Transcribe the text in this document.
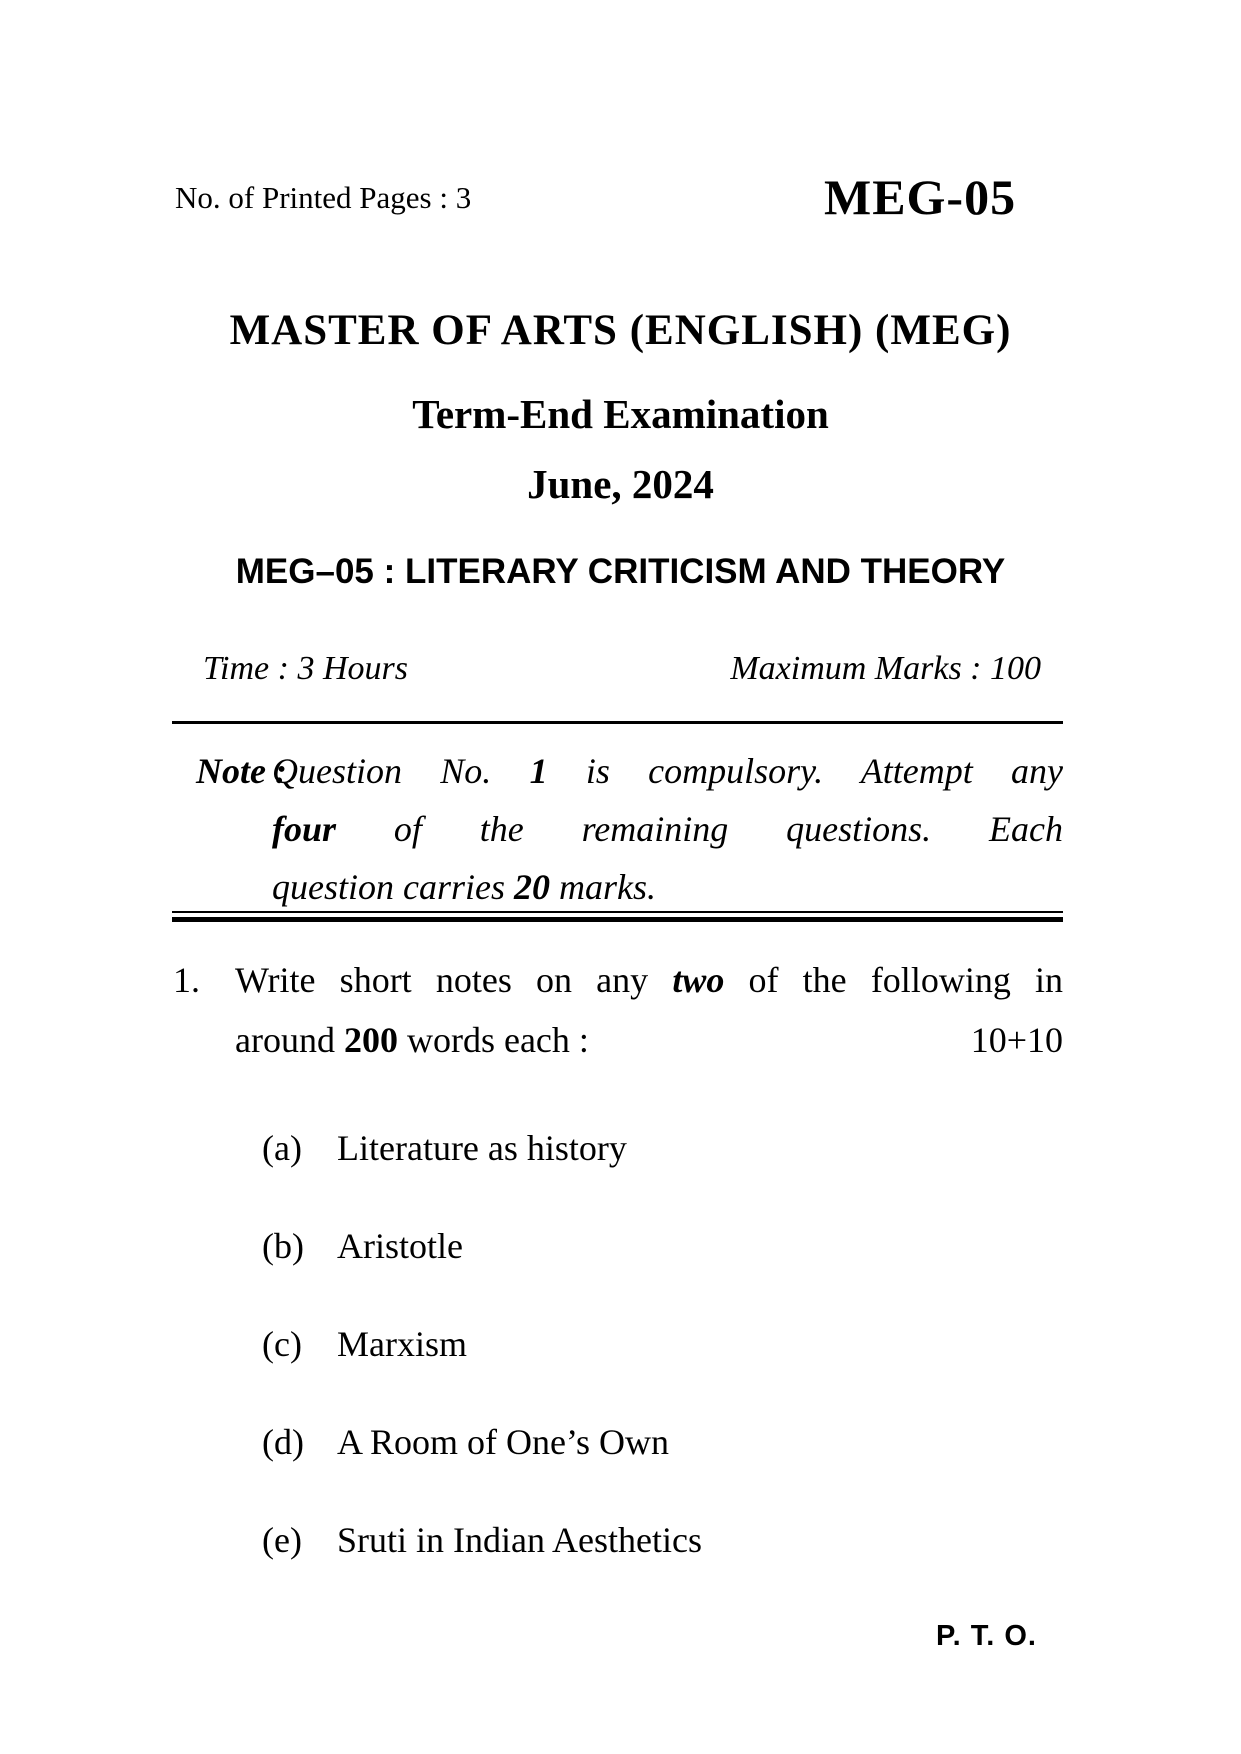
No. of Printed Pages : 3	MEG-05
MASTER OF ARTS (ENGLISH) (MEG)
Term-End Examination
June, 2024
MEG–05 : LITERARY CRITICISM AND THEORY
Time : 3 Hours	Maximum Marks : 100
Note :
Question No. 1 is compulsory. Attempt any
four of the remaining questions. Each
question carries 20 marks.
1. Write short notes on any two of the following in
around 200 words each :	10+10
(a) Literature as history
(b) Aristotle
(c) Marxism
(d) A Room of One’s Own
(e) Sruti in Indian Aesthetics
P. T. O.
